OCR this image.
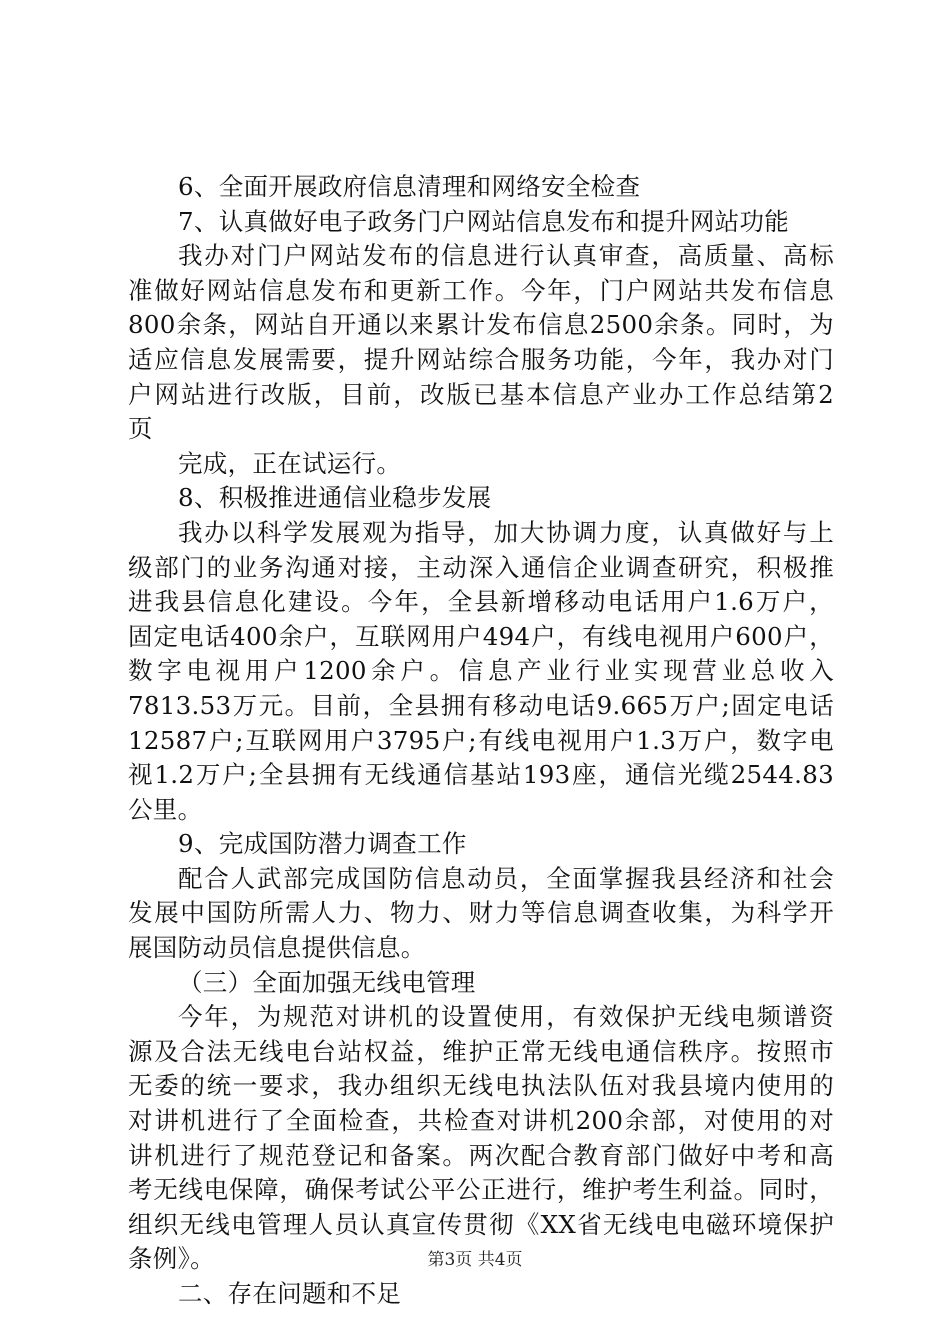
6、全面开展政府信息清理和网络安全检查
7、认真做好电子政务门户网站信息发布和提升网站功能
我办对门户网站发布的信息进行认真审查，高质量、高标
准做好网站信息发布和更新工作。今年，门户网站共发布信息
800余条，网站自开通以来累计发布信息2500余条。同时，为
适应信息发展需要，提升网站综合服务功能，今年，我办对门
户网站进行改版，目前，改版已基本信息产业办工作总结第2
页
完成，正在试运行。
8、积极推进通信业稳步发展
我办以科学发展观为指导，加大协调力度，认真做好与上
级部门的业务沟通对接，主动深入通信企业调查研究，积极推
进我县信息化建设。今年，全县新增移动电话用户1.6万户，
固定电话400余户，互联网用户494户，有线电视用户600户，
数字电视用户1200余户。信息产业行业实现营业总收入
7813.53万元。目前，全县拥有移动电话9.665万户;固定电话
12587户;互联网用户3795户;有线电视用户1.3万户，数字电
视1.2万户;全县拥有无线通信基站193座，通信光缆2544.83
公里。
9、完成国防潜力调查工作
配合人武部完成国防信息动员，全面掌握我县经济和社会
发展中国防所需人力、物力、财力等信息调查收集，为科学开
展国防动员信息提供信息。
（三）全面加强无线电管理
今年，为规范对讲机的设置使用，有效保护无线电频谱资
源及合法无线电台站权益，维护正常无线电通信秩序。按照市
无委的统一要求，我办组织无线电执法队伍对我县境内使用的
对讲机进行了全面检查，共检查对讲机200余部，对使用的对
讲机进行了规范登记和备案。两次配合教育部门做好中考和高
考无线电保障，确保考试公平公正进行，维护考生利益。同时，
组织无线电管理人员认真宣传贯彻《XX省无线电电磁环境保护
条例》。
二、存在问题和不足
第3页 共4页
